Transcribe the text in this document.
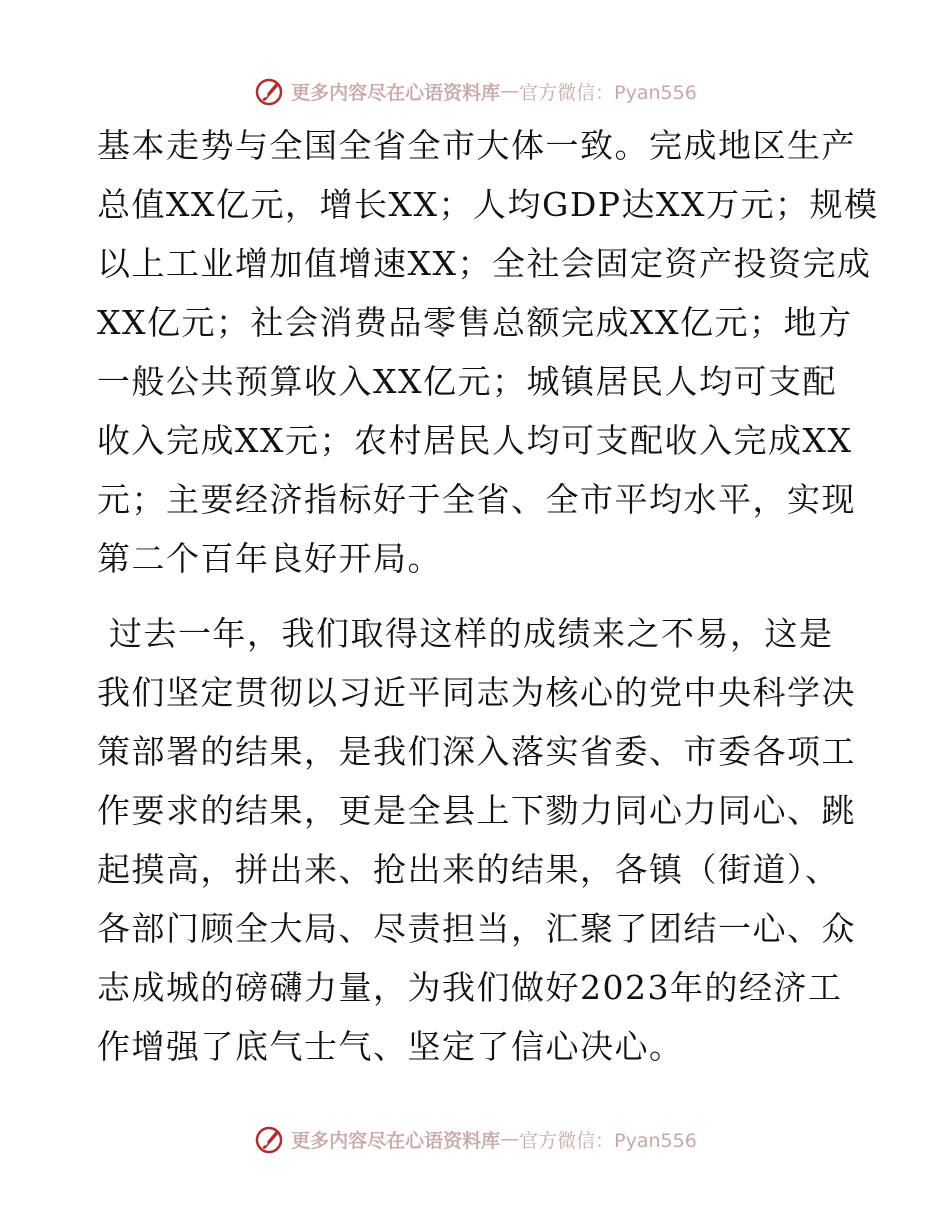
更多内容尽在心语资料库 — 官方微信：Pyan556
基本走势与全国全省全市大体一致。完成地区生产
总值XX亿元，增长XX；人均GDP达XX万元；规模
以上工业增加值增速XX；全社会固定资产投资完成
XX亿元；社会消费品零售总额完成XX亿元；地方
一般公共预算收入XX亿元；城镇居民人均可支配
收入完成XX元；农村居民人均可支配收入完成XX
元；主要经济指标好于全省、全市平均水平，实现
第二个百年良好开局。
过去一年，我们取得这样的成绩来之不易，这是
我们坚定贯彻以习近平同志为核心的党中央科学决
策部署的结果，是我们深入落实省委、市委各项工
作要求的结果，更是全县上下勠力同心力同心、跳
起摸高，拼出来、抢出来的结果，各镇（街道）、
各部门顾全大局、尽责担当，汇聚了团结一心、众
志成城的磅礴力量，为我们做好2023年的经济工
作增强了底气士气、坚定了信心决心。
更多内容尽在心语资料库 — 官方微信：Pyan556
